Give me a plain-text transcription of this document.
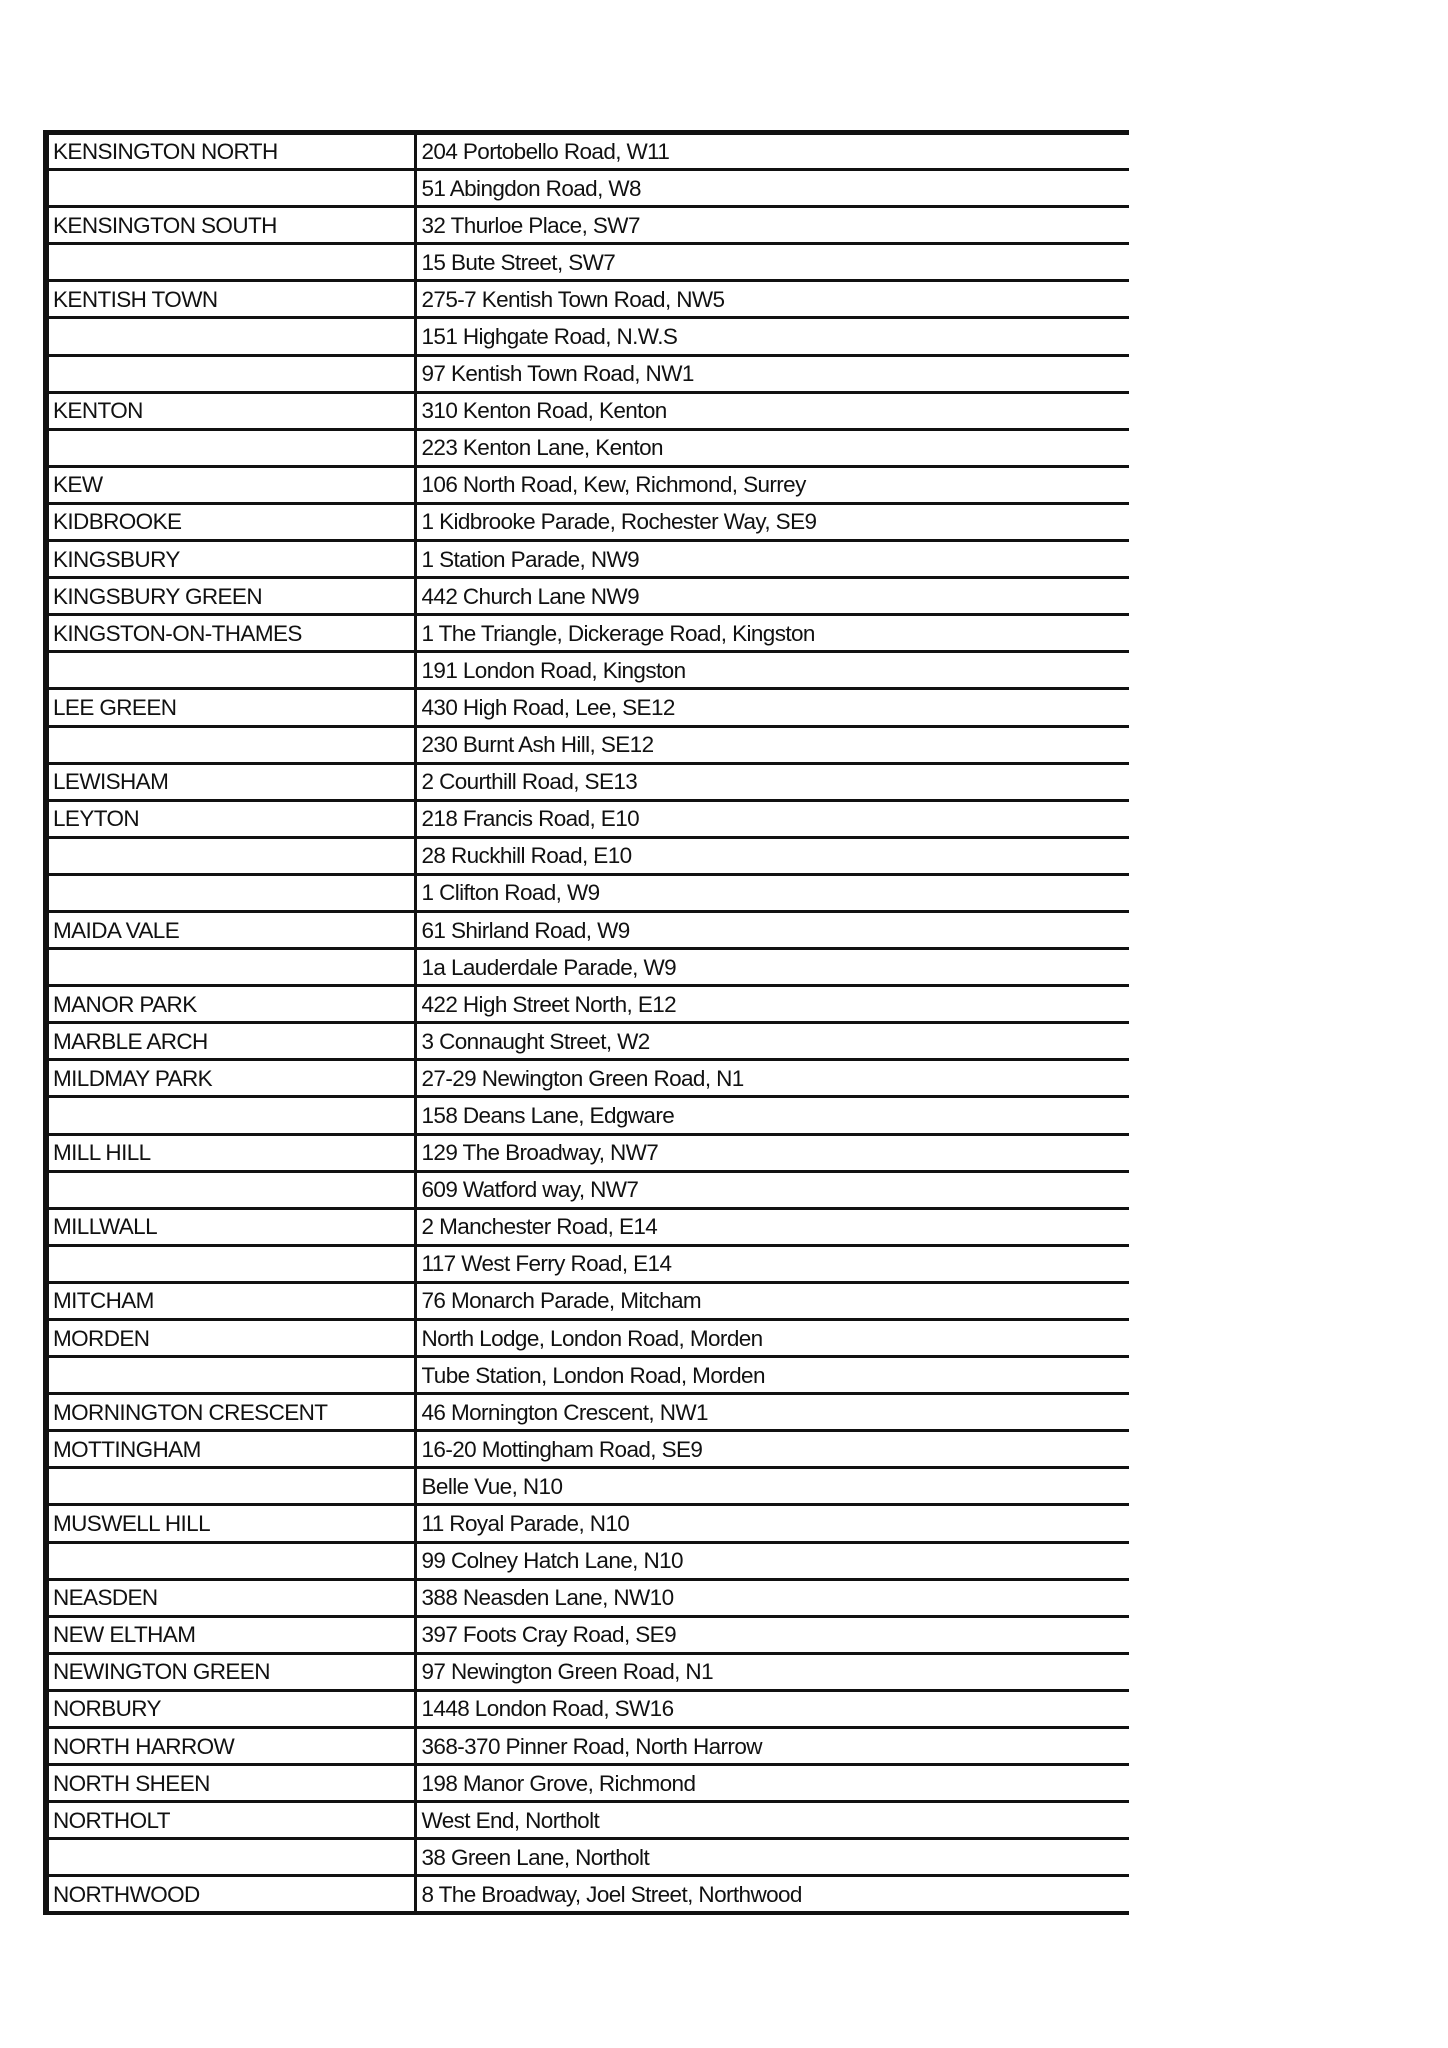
KENSINGTON NORTH	204 Portobello Road, W11
	51 Abingdon Road, W8
KENSINGTON SOUTH	32 Thurloe Place, SW7
	15 Bute Street, SW7
KENTISH TOWN	275-7 Kentish Town Road, NW5
	151 Highgate Road, N.W.S
	97 Kentish Town Road, NW1
KENTON	310 Kenton Road, Kenton
	223 Kenton Lane, Kenton
KEW	106 North Road, Kew, Richmond, Surrey
KIDBROOKE	1 Kidbrooke Parade, Rochester Way, SE9
KINGSBURY	1 Station Parade, NW9
KINGSBURY GREEN	442 Church Lane NW9
KINGSTON-ON-THAMES	1 The Triangle, Dickerage Road, Kingston
	191 London Road, Kingston
LEE GREEN	430 High Road, Lee, SE12
	230 Burnt Ash Hill, SE12
LEWISHAM	2 Courthill Road, SE13
LEYTON	218 Francis Road, E10
	28 Ruckhill Road, E10
	1 Clifton Road, W9
MAIDA VALE	61 Shirland Road, W9
	1a Lauderdale Parade, W9
MANOR PARK	422 High Street North, E12
MARBLE ARCH	3 Connaught Street, W2
MILDMAY PARK	27-29 Newington Green Road, N1
	158 Deans Lane, Edgware
MILL HILL	129 The Broadway, NW7
	609 Watford way, NW7
MILLWALL	2 Manchester Road, E14
	117 West Ferry Road, E14
MITCHAM	76 Monarch Parade, Mitcham
MORDEN	North Lodge, London Road, Morden
	Tube Station, London Road, Morden
MORNINGTON CRESCENT	46 Mornington Crescent, NW1
MOTTINGHAM	16-20 Mottingham Road, SE9
	Belle Vue, N10
MUSWELL HILL	11 Royal Parade, N10
	99 Colney Hatch Lane, N10
NEASDEN	388 Neasden Lane, NW10
NEW ELTHAM	397 Foots Cray Road, SE9
NEWINGTON GREEN	97 Newington Green Road, N1
NORBURY	1448 London Road, SW16
NORTH HARROW	368-370 Pinner Road, North Harrow
NORTH SHEEN	198 Manor Grove, Richmond
NORTHOLT	West End, Northolt
	38 Green Lane, Northolt
NORTHWOOD	8 The Broadway, Joel Street, Northwood
